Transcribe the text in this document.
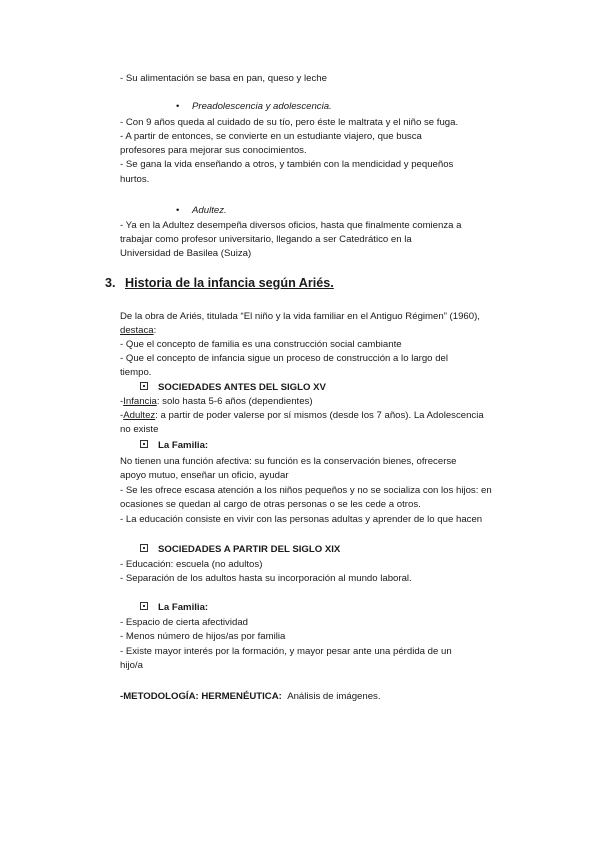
- Su alimentación se basa en pan, queso y leche
• Preadolescencia y adolescencia.
- Con 9 años queda al cuidado de su tío, pero éste le maltrata y el niño se fuga.
- A partir de entonces, se convierte en un estudiante viajero, que busca
profesores para mejorar sus conocimientos.
- Se gana la vida enseñando a otros, y también con la mendicidad y pequeños
hurtos.
• Adultez.
- Ya en la Adultez desempeña diversos oficios, hasta que finalmente comienza a
trabajar como profesor universitario, llegando a ser Catedrático en la
Universidad de Basilea (Suiza)
3. Historia de la infancia según Ariés.
De la obra de Ariés, titulada “El niño y la vida familiar en el Antiguo Régimen” (1960),
destaca:
- Que el concepto de familia es una construcción social cambiante
- Que el concepto de infancia sigue un proceso de construcción a lo largo del
tiempo.
SOCIEDADES ANTES DEL SIGLO XV
-Infancia: solo hasta 5-6 años (dependientes)
-Adultez: a partir de poder valerse por sí mismos (desde los 7 años). La Adolescencia
no existe
La Familia:
No tienen una función afectiva: su función es la conservación bienes, ofrecerse
apoyo mutuo, enseñar un oficio, ayudar
- Se les ofrece escasa atención a los niños pequeños y no se socializa con los hijos: en
ocasiones se quedan al cargo de otras personas o se les cede a otros.
- La educación consiste en vivir con las personas adultas y aprender de lo que hacen
SOCIEDADES A PARTIR DEL SIGLO XIX
- Educación: escuela (no adultos)
- Separación de los adultos hasta su incorporación al mundo laboral.
La Familia:
- Espacio de cierta afectividad
- Menos número de hijos/as por familia
- Existe mayor interés por la formación, y mayor pesar ante una pérdida de un
hijo/a
-METODOLOGÍA: HERMENÉUTICA: Análisis de imágenes.
